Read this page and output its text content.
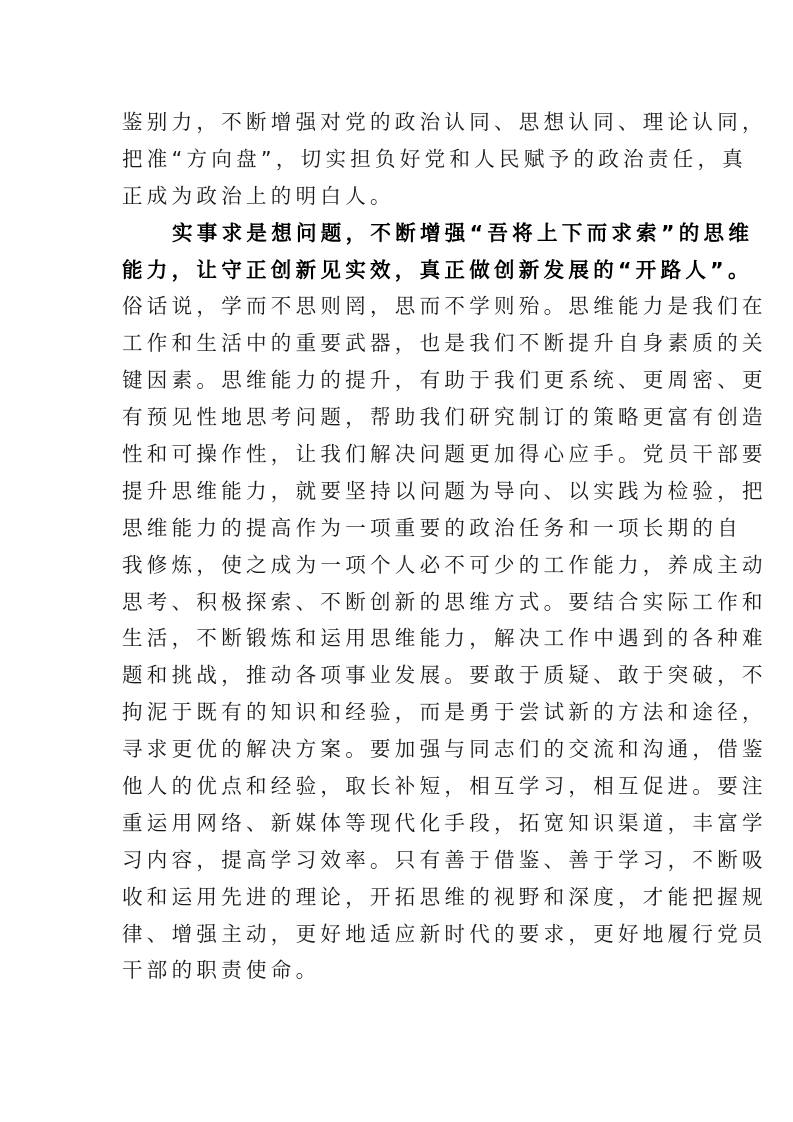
鉴别力，不断增强对党的政治认同、思想认同、理论认同，
把准“方向盘”，切实担负好党和人民赋予的政治责任，真
正成为政治上的明白人。
实事求是想问题，不断增强“吾将上下而求索”的思维
能力，让守正创新见实效，真正做创新发展的“开路人”。
俗话说，学而不思则罔，思而不学则殆。思维能力是我们在
工作和生活中的重要武器，也是我们不断提升自身素质的关
键因素。思维能力的提升，有助于我们更系统、更周密、更
有预见性地思考问题，帮助我们研究制订的策略更富有创造
性和可操作性，让我们解决问题更加得心应手。党员干部要
提升思维能力，就要坚持以问题为导向、以实践为检验，把
思维能力的提高作为一项重要的政治任务和一项长期的自
我修炼，使之成为一项个人必不可少的工作能力，养成主动
思考、积极探索、不断创新的思维方式。要结合实际工作和
生活，不断锻炼和运用思维能力，解决工作中遇到的各种难
题和挑战，推动各项事业发展。要敢于质疑、敢于突破，不
拘泥于既有的知识和经验，而是勇于尝试新的方法和途径，
寻求更优的解决方案。要加强与同志们的交流和沟通，借鉴
他人的优点和经验，取长补短，相互学习，相互促进。要注
重运用网络、新媒体等现代化手段，拓宽知识渠道，丰富学
习内容，提高学习效率。只有善于借鉴、善于学习，不断吸
收和运用先进的理论，开拓思维的视野和深度，才能把握规
律、增强主动，更好地适应新时代的要求，更好地履行党员
干部的职责使命。
